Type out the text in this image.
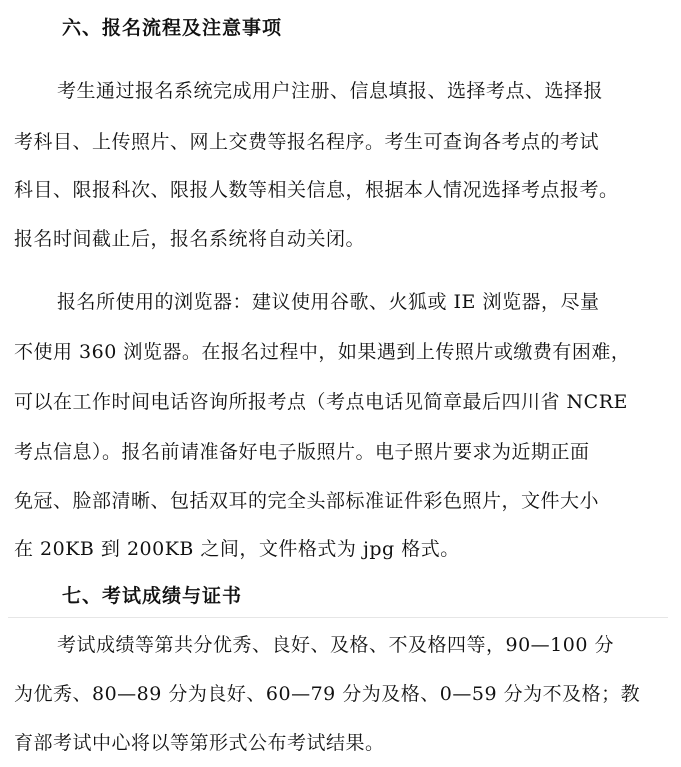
六、报名流程及注意事项
考生通过报名系统完成用户注册、信息填报、选择考点、选择报
考科目、上传照片、网上交费等报名程序。考生可查询各考点的考试
科目、限报科次、限报人数等相关信息，根据本人情况选择考点报考。
报名时间截止后，报名系统将自动关闭。
报名所使用的浏览器：建议使用谷歌、火狐或 IE 浏览器，尽量
不使用 360 浏览器。在报名过程中，如果遇到上传照片或缴费有困难，
可以在工作时间电话咨询所报考点（考点电话见简章最后四川省 NCRE
考点信息）。报名前请准备好电子版照片。电子照片要求为近期正面
免冠、脸部清晰、包括双耳的完全头部标准证件彩色照片，文件大小
在 20KB 到 200KB 之间，文件格式为 jpg 格式。
七、考试成绩与证书
考试成绩等第共分优秀、良好、及格、不及格四等，90—100 分
为优秀、80—89 分为良好、60—79 分为及格、0—59 分为不及格；教
育部考试中心将以等第形式公布考试结果。
